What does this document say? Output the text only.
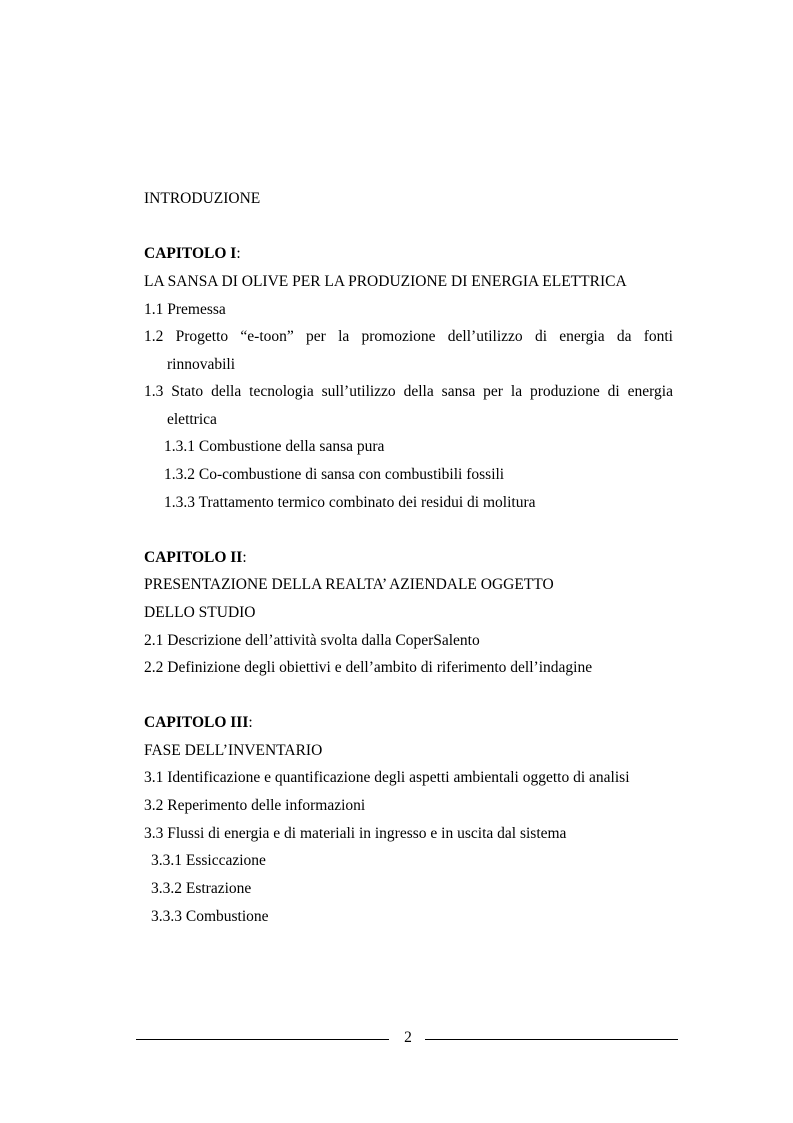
INTRODUZIONE
CAPITOLO I:
LA SANSA DI OLIVE PER LA PRODUZIONE DI ENERGIA ELETTRICA
1.1 Premessa
1.2 Progetto “e-toon” per la promozione dell’utilizzo di energia da fonti
rinnovabili
1.3 Stato della tecnologia sull’utilizzo della sansa per la produzione di energia
elettrica
1.3.1 Combustione della sansa pura
1.3.2 Co-combustione di sansa con combustibili fossili
1.3.3 Trattamento termico combinato dei residui di molitura
CAPITOLO II:
PRESENTAZIONE DELLA REALTA’ AZIENDALE OGGETTO
DELLO STUDIO
2.1 Descrizione dell’attività svolta dalla CoperSalento
2.2 Definizione degli obiettivi e dell’ambito di riferimento dell’indagine
CAPITOLO III:
FASE DELL’INVENTARIO
3.1 Identificazione e quantificazione degli aspetti ambientali oggetto di analisi
3.2 Reperimento delle informazioni
3.3 Flussi di energia e di materiali in ingresso e in uscita dal sistema
3.3.1 Essiccazione
3.3.2 Estrazione
3.3.3 Combustione
2
